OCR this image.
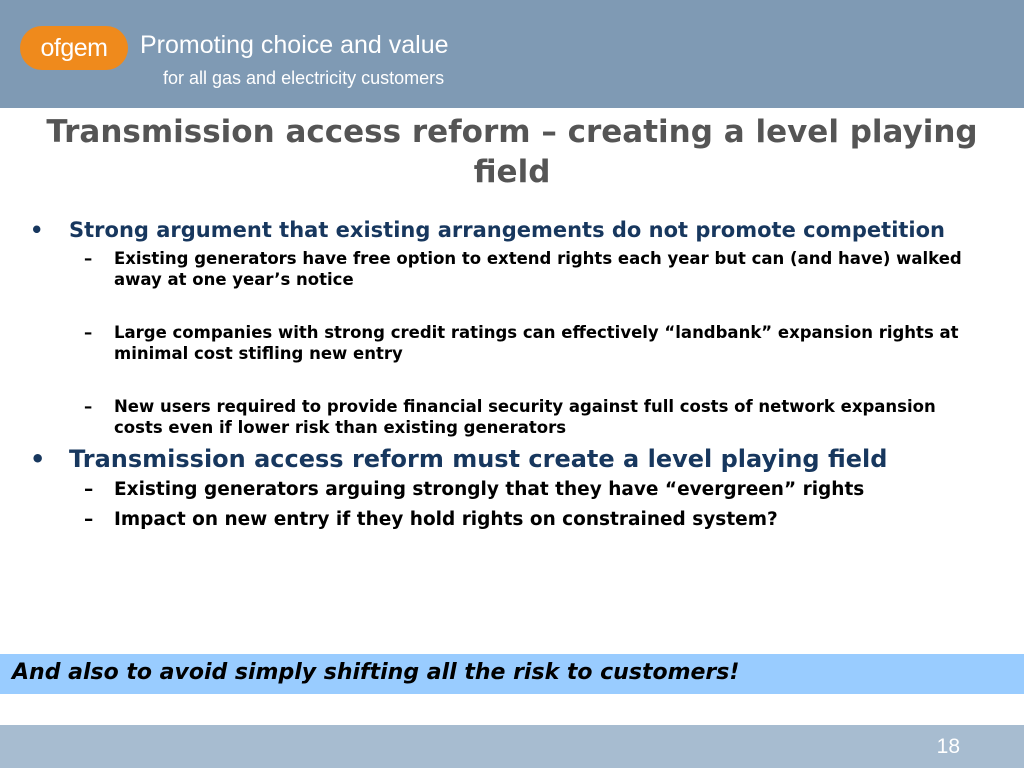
ofgem Promoting choice and value
for all gas and electricity customers
Transmission access reform – creating a level playing field
• Strong argument that existing arrangements do not promote competition
– Existing generators have free option to extend rights each year but can (and have) walked away at one year’s notice
– Large companies with strong credit ratings can effectively “landbank” expansion rights at minimal cost stifling new entry
– New users required to provide financial security against full costs of network expansion costs even if lower risk than existing generators
• Transmission access reform must create a level playing field
– Existing generators arguing strongly that they have “evergreen” rights
– Impact on new entry if they hold rights on constrained system?
And also to avoid simply shifting all the risk to customers!
18
